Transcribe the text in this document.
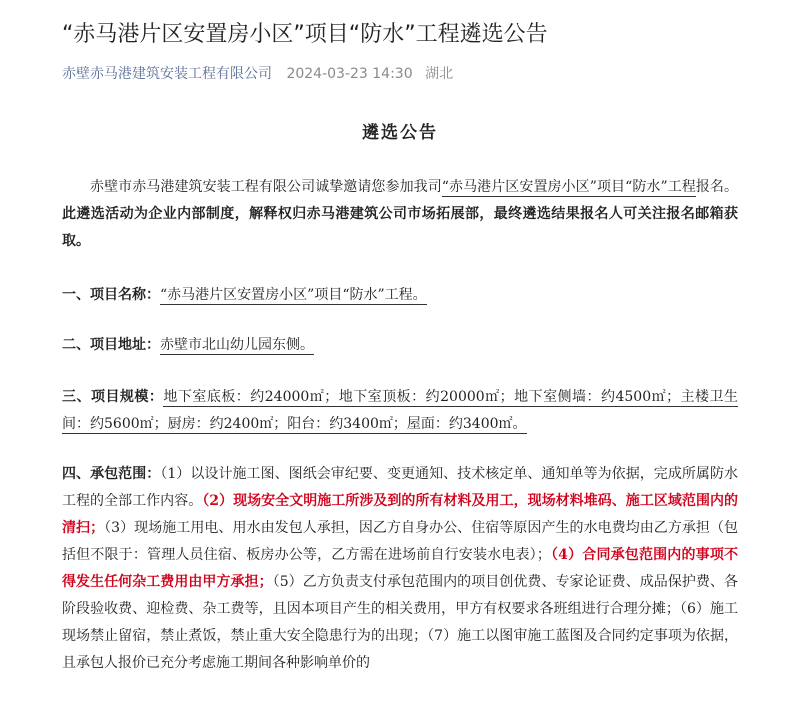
“赤马港片区安置房小区”项目“防水”工程遴选公告
赤壁赤马港建筑安装工程有限公司 2024-03-23 14:30 湖北
遴选公告
赤壁市赤马港建筑安装工程有限公司诚挚邀请您参加我司“赤马港片区安置房小区”项目“防水”工程报名。此遴选活动为企业内部制度，解释权归赤马港建筑公司市场拓展部，最终遴选结果报名人可关注报名邮箱获取。
一、项目名称：“赤马港片区安置房小区”项目“防水”工程。
二、项目地址：赤壁市北山幼儿园东侧。
三、项目规模：地下室底板：约24000㎡；地下室顶板：约20000㎡；地下室侧墙：约4500㎡；主楼卫生间：约5600㎡；厨房：约2400㎡；阳台：约3400㎡；屋面：约3400㎡。
四、承包范围：（1）以设计施工图、图纸会审纪要、变更通知、技术核定单、通知单等为依据，完成所属防水工程的全部工作内容。（2）现场安全文明施工所涉及到的所有材料及用工，现场材料堆码、施工区域范围内的清扫；（3）现场施工用电、用水由发包人承担，因乙方自身办公、住宿等原因产生的水电费均由乙方承担（包括但不限于：管理人员住宿、板房办公等，乙方需在进场前自行安装水电表）；（4）合同承包范围内的事项不得发生任何杂工费用由甲方承担；（5）乙方负责支付承包范围内的项目创优费、专家论证费、成品保护费、各阶段验收费、迎检费、杂工费等，且因本项目产生的相关费用，甲方有权要求各班组进行合理分摊；（6）施工现场禁止留宿，禁止煮饭，禁止重大安全隐患行为的出现；（7）施工以图审施工蓝图及合同约定事项为依据，且承包人报价已充分考虑施工期间各种影响单价的
